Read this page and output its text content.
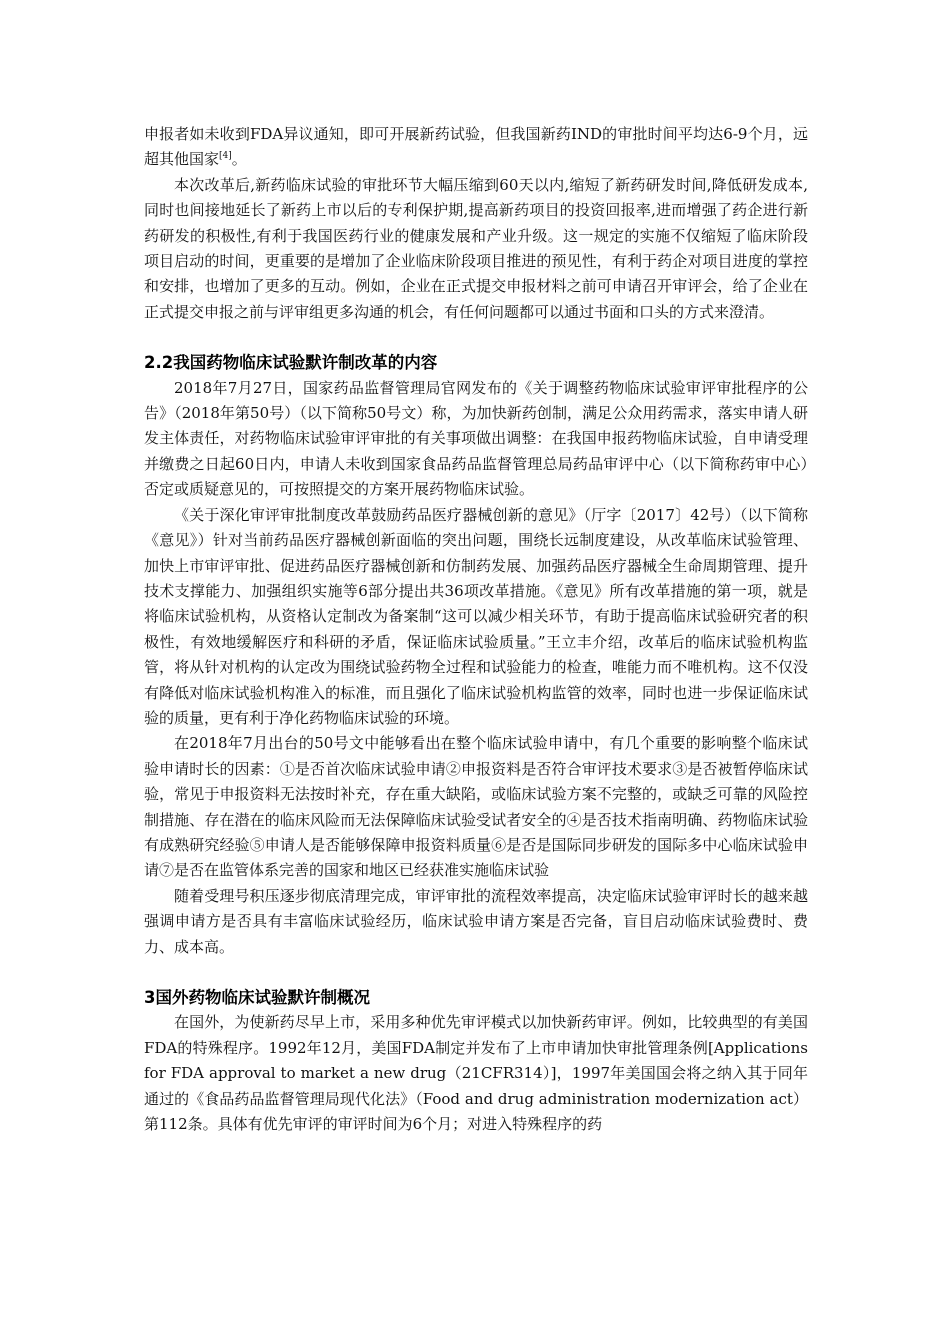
申报者如未收到FDA异议通知，即可开展新药试验，但我国新药IND的审批时间平均达6-9个月，远超其他国家[4]。

本次改革后,新药临床试验的审批环节大幅压缩到60天以内,缩短了新药研发时间,降低研发成本,同时也间接地延长了新药上市以后的专利保护期,提高新药项目的投资回报率,进而增强了药企进行新药研发的积极性,有利于我国医药行业的健康发展和产业升级。这一规定的实施不仅缩短了临床阶段项目启动的时间，更重要的是增加了企业临床阶段项目推进的预见性，有利于药企对项目进度的掌控和安排，也增加了更多的互动。例如，企业在正式提交申报材料之前可申请召开审评会，给了企业在正式提交申报之前与评审组更多沟通的机会，有任何问题都可以通过书面和口头的方式来澄清。

2.2我国药物临床试验默许制改革的内容

2018年7月27日，国家药品监督管理局官网发布的《关于调整药物临床试验审评审批程序的公告》（2018年第50号）（以下简称50号文）称，为加快新药创制，满足公众用药需求，落实申请人研发主体责任，对药物临床试验审评审批的有关事项做出调整：在我国申报药物临床试验，自申请受理并缴费之日起60日内，申请人未收到国家食品药品监督管理总局药品审评中心（以下简称药审中心）否定或质疑意见的，可按照提交的方案开展药物临床试验。

《关于深化审评审批制度改革鼓励药品医疗器械创新的意见》（厅字〔2017〕42号）（以下简称《意见》）针对当前药品医疗器械创新面临的突出问题，围绕长远制度建设，从改革临床试验管理、加快上市审评审批、促进药品医疗器械创新和仿制药发展、加强药品医疗器械全生命周期管理、提升技术支撑能力、加强组织实施等6部分提出共36项改革措施。《意见》所有改革措施的第一项，就是将临床试验机构，从资格认定制改为备案制“这可以减少相关环节，有助于提高临床试验研究者的积极性，有效地缓解医疗和科研的矛盾，保证临床试验质量。”王立丰介绍，改革后的临床试验机构监管，将从针对机构的认定改为围绕试验药物全过程和试验能力的检查，唯能力而不唯机构。这不仅没有降低对临床试验机构准入的标准，而且强化了临床试验机构监管的效率，同时也进一步保证临床试验的质量，更有利于净化药物临床试验的环境。

在2018年7月出台的50号文中能够看出在整个临床试验申请中，有几个重要的影响整个临床试验申请时长的因素：①是否首次临床试验申请②申报资料是否符合审评技术要求③是否被暂停临床试验，常见于申报资料无法按时补充，存在重大缺陷，或临床试验方案不完整的，或缺乏可靠的风险控制措施、存在潜在的临床风险而无法保障临床试验受试者安全的④是否技术指南明确、药物临床试验有成熟研究经验⑤申请人是否能够保障申报资料质量⑥是否是国际同步研发的国际多中心临床试验申请⑦是否在监管体系完善的国家和地区已经获准实施临床试验

随着受理号积压逐步彻底清理完成，审评审批的流程效率提高，决定临床试验审评时长的越来越强调申请方是否具有丰富临床试验经历，临床试验申请方案是否完备，盲目启动临床试验费时、费力、成本高。

3国外药物临床试验默许制概况

在国外，为使新药尽早上市，采用多种优先审评模式以加快新药审评。例如，比较典型的有美国FDA的特殊程序。1992年12月，美国FDA制定并发布了上市申请加快审批管理条例[Applications for FDA approval to market a new drug（21CFR314）]，1997年美国国会将之纳入其于同年通过的《食品药品监督管理局现代化法》（Food and drug administration modernization act）第112条。具体有优先审评的审评时间为6个月；对进入特殊程序的药
